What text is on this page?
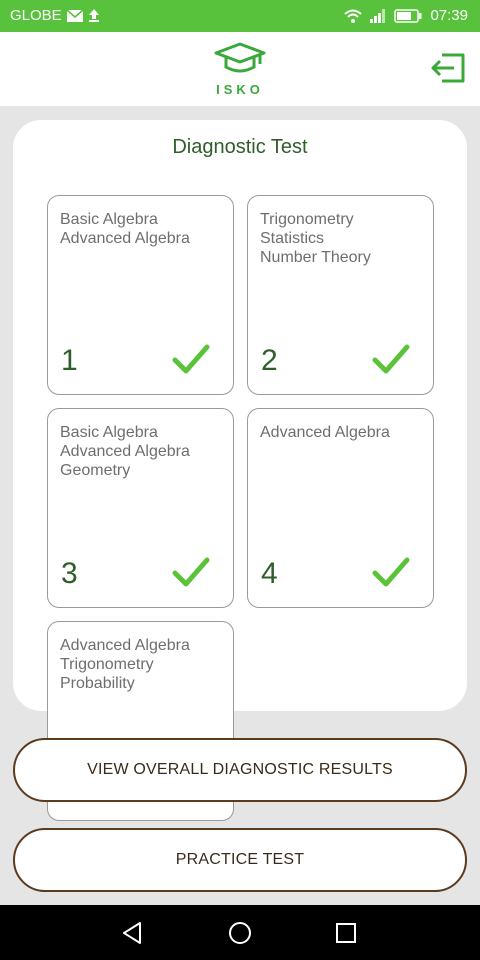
GLOBE	07:39
ISKO
Diagnostic Test
Basic Algebra
Advanced Algebra
1
Trigonometry
Statistics
Number Theory
2
Basic Algebra
Advanced Algebra
Geometry
3
Advanced Algebra
4
Advanced Algebra
Trigonometry
Probability
VIEW OVERALL DIAGNOSTIC RESULTS
PRACTICE TEST
